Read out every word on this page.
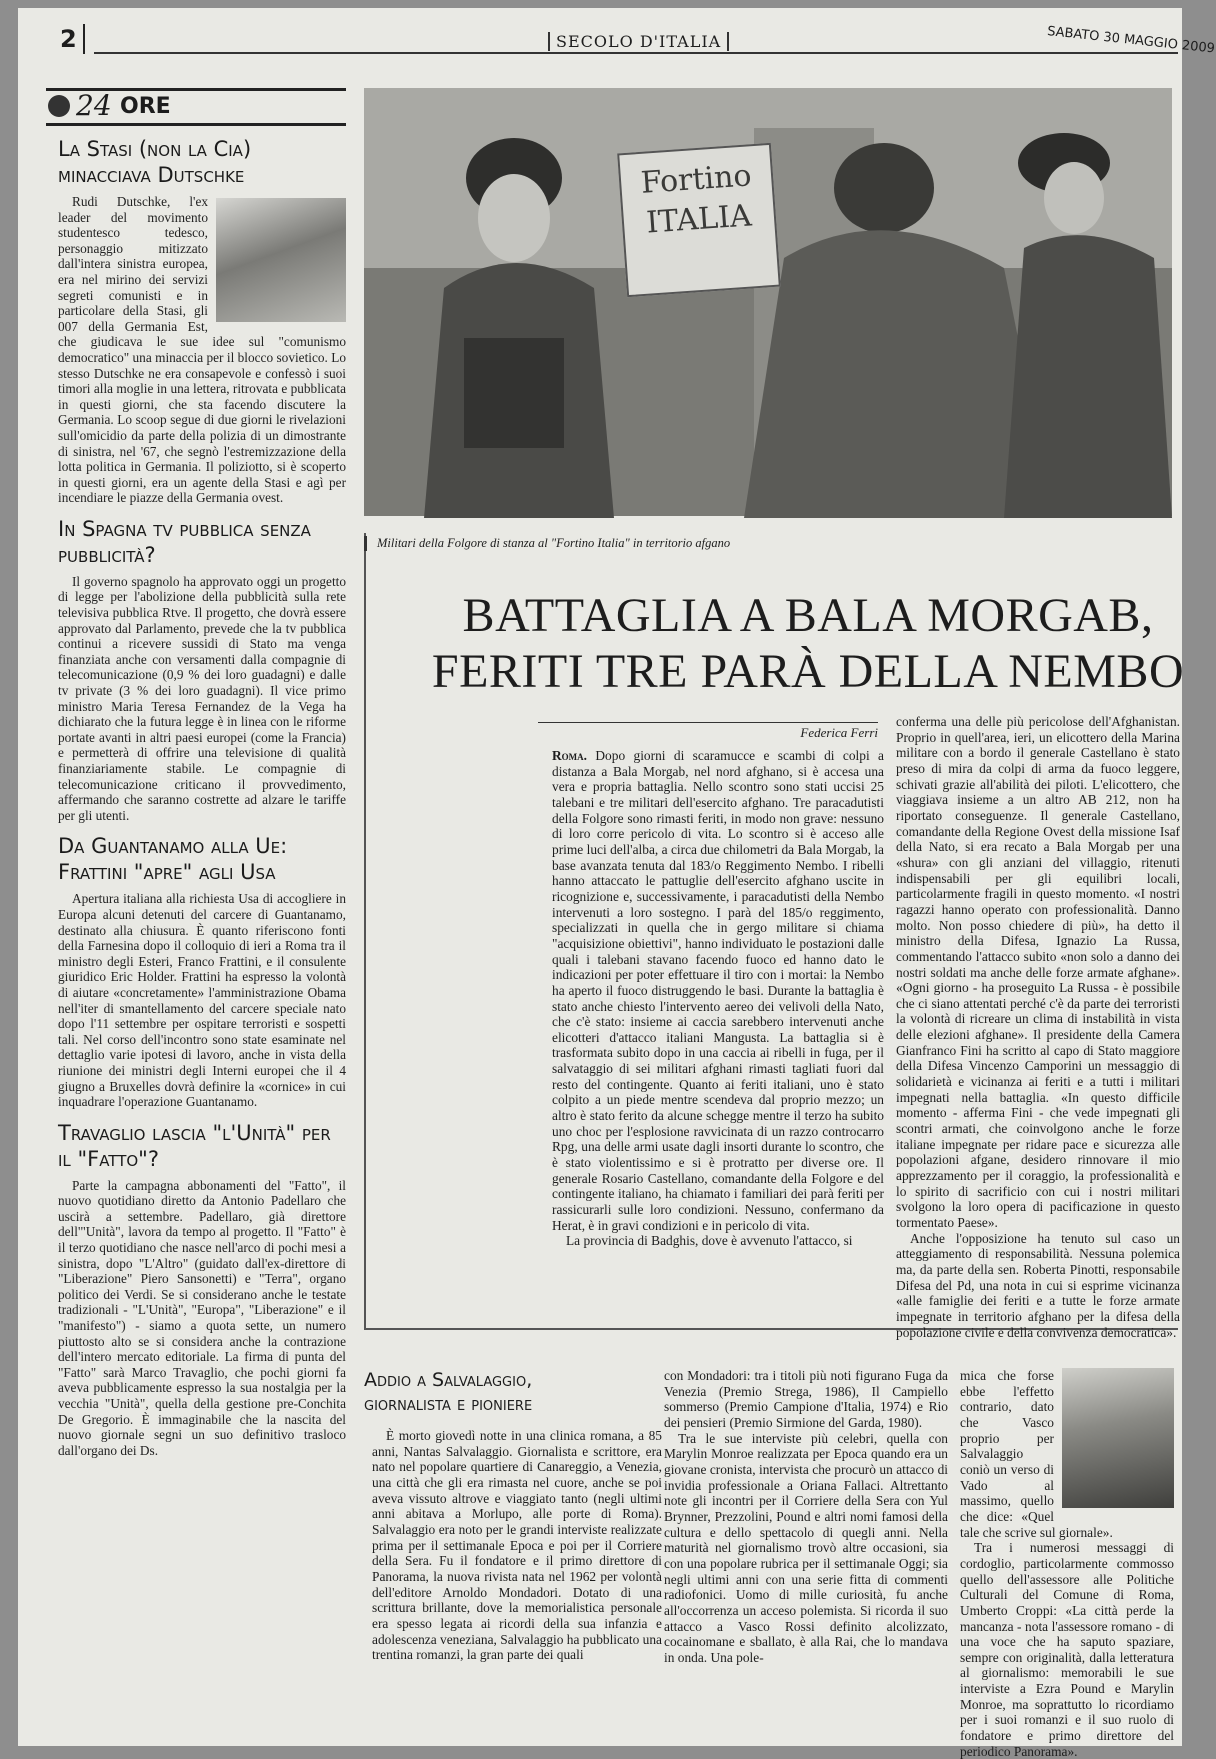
2	SECOLO D'ITALIA	SABATO 30 MAGGIO 2009
24 ORE
La Stasi (non la Cia) minacciava Dutschke
Rudi Dutschke, l'ex leader del movimento studentesco tedesco, personaggio mitizzato dall'intera sinistra europea, era nel mirino dei servizi segreti comunisti e in particolare della Stasi, gli 007 della Germania Est, che giudicava le sue idee sul "comunismo democratico" una minaccia per il blocco sovietico. Lo stesso Dutschke ne era consapevole e confessò i suoi timori alla moglie in una lettera, ritrovata e pubblicata in questi giorni, che sta facendo discutere la Germania. Lo scoop segue di due giorni le rivelazioni sull'omicidio da parte della polizia di un dimostrante di sinistra, nel '67, che segnò l'estremizzazione della lotta politica in Germania. Il poliziotto, si è scoperto in questi giorni, era un agente della Stasi e agì per incendiare le piazze della Germania ovest.
In Spagna tv pubblica senza pubblicità?
Il governo spagnolo ha approvato oggi un progetto di legge per l'abolizione della pubblicità sulla rete televisiva pubblica Rtve. Il progetto, che dovrà essere approvato dal Parlamento, prevede che la tv pubblica continui a ricevere sussidi di Stato ma venga finanziata anche con versamenti dalla compagnie di telecomunicazione (0,9 % dei loro guadagni) e dalle tv private (3 % dei loro guadagni). Il vice primo ministro Maria Teresa Fernandez de la Vega ha dichiarato che la futura legge è in linea con le riforme portate avanti in altri paesi europei (come la Francia) e permetterà di offrire una televisione di qualità finanziariamente stabile. Le compagnie di telecomunicazione criticano il provvedimento, affermando che saranno costrette ad alzare le tariffe per gli utenti.
Da Guantanamo alla Ue: Frattini "apre" agli Usa
Apertura italiana alla richiesta Usa di accogliere in Europa alcuni detenuti del carcere di Guantanamo, destinato alla chiusura. È quanto riferiscono fonti della Farnesina dopo il colloquio di ieri a Roma tra il ministro degli Esteri, Franco Frattini, e il consulente giuridico Eric Holder. Frattini ha espresso la volontà di aiutare «concretamente» l'amministrazione Obama nell'iter di smantellamento del carcere speciale nato dopo l'11 settembre per ospitare terroristi e sospetti tali. Nel corso dell'incontro sono state esaminate nel dettaglio varie ipotesi di lavoro, anche in vista della riunione dei ministri degli Interni europei che il 4 giugno a Bruxelles dovrà definire la «cornice» in cui inquadrare l'operazione Guantanamo.
Travaglio lascia "l'Unità" per il "Fatto"?
Parte la campagna abbonamenti del "Fatto", il nuovo quotidiano diretto da Antonio Padellaro che uscirà a settembre. Padellaro, già direttore dell'"Unità", lavora da tempo al progetto. Il "Fatto" è il terzo quotidiano che nasce nell'arco di pochi mesi a sinistra, dopo "L'Altro" (guidato dall'ex-direttore di "Liberazione" Piero Sansonetti) e "Terra", organo politico dei Verdi. Se si considerano anche le testate tradizionali - "L'Unità", "Europa", "Liberazione" e il "manifesto") - siamo a quota sette, un numero piuttosto alto se si considera anche la contrazione dell'intero mercato editoriale. La firma di punta del "Fatto" sarà Marco Travaglio, che pochi giorni fa aveva pubblicamente espresso la sua nostalgia per la vecchia "Unità", quella della gestione pre-Conchita De Gregorio. È immaginabile che la nascita del nuovo giornale segni un suo definitivo trasloco dall'organo dei Ds.
Fortino
ITALIA
Militari della Folgore di stanza al "Fortino Italia" in territorio afgano
BATTAGLIA A BALA MORGAB,
FERITI TRE PARÀ DELLA NEMBO
Federica Ferri
Roma. Dopo giorni di scaramucce e scambi di colpi a distanza a Bala Morgab, nel nord afghano, si è accesa una vera e propria battaglia. Nello scontro sono stati uccisi 25 talebani e tre militari dell'esercito afghano. Tre paracadutisti della Folgore sono rimasti feriti, in modo non grave: nessuno di loro corre pericolo di vita. Lo scontro si è acceso alle prime luci dell'alba, a circa due chilometri da Bala Morgab, la base avanzata tenuta dal 183/o Reggimento Nembo. I ribelli hanno attaccato le pattuglie dell'esercito afghano uscite in ricognizione e, successivamente, i paracadutisti della Nembo intervenuti a loro sostegno. I parà del 185/o reggimento, specializzati in quella che in gergo militare si chiama "acquisizione obiettivi", hanno individuato le postazioni dalle quali i talebani stavano facendo fuoco ed hanno dato le indicazioni per poter effettuare il tiro con i mortai: la Nembo ha aperto il fuoco distruggendo le basi. Durante la battaglia è stato anche chiesto l'intervento aereo dei velivoli della Nato, che c'è stato: insieme ai caccia sarebbero intervenuti anche elicotteri d'attacco italiani Mangusta. La battaglia si è trasformata subito dopo in una caccia ai ribelli in fuga, per il salvataggio di sei militari afghani rimasti tagliati fuori dal resto del contingente. Quanto ai feriti italiani, uno è stato colpito a un piede mentre scendeva dal proprio mezzo; un altro è stato ferito da alcune schegge mentre il terzo ha subito uno choc per l'esplosione ravvicinata di un razzo controcarro Rpg, una delle armi usate dagli insorti durante lo scontro, che è stato violentissimo e si è protratto per diverse ore. Il generale Rosario Castellano, comandante della Folgore e del contingente italiano, ha chiamato i familiari dei parà feriti per rassicurarli sulle loro condizioni. Nessuno, confermano da Herat, è in gravi condizioni e in pericolo di vita.
La provincia di Badghis, dove è avvenuto l'attacco, si
conferma una delle più pericolose dell'Afghanistan. Proprio in quell'area, ieri, un elicottero della Marina militare con a bordo il generale Castellano è stato preso di mira da colpi di arma da fuoco leggere, schivati grazie all'abilità dei piloti. L'elicottero, che viaggiava insieme a un altro AB 212, non ha riportato conseguenze. Il generale Castellano, comandante della Regione Ovest della missione Isaf della Nato, si era recato a Bala Morgab per una «shura» con gli anziani del villaggio, ritenuti indispensabili per gli equilibri locali, particolarmente fragili in questo momento. «I nostri ragazzi hanno operato con professionalità. Danno molto. Non posso chiedere di più», ha detto il ministro della Difesa, Ignazio La Russa, commentando l'attacco subito «non solo a danno dei nostri soldati ma anche delle forze armate afghane». «Ogni giorno - ha proseguito La Russa - è possibile che ci siano attentati perché c'è da parte dei terroristi la volontà di ricreare un clima di instabilità in vista delle elezioni afghane». Il presidente della Camera Gianfranco Fini ha scritto al capo di Stato maggiore della Difesa Vincenzo Camporini un messaggio di solidarietà e vicinanza ai feriti e a tutti i militari impegnati nella battaglia. «In questo difficile momento - afferma Fini - che vede impegnati gli scontri armati, che coinvolgono anche le forze italiane impegnate per ridare pace e sicurezza alle popolazioni afgane, desidero rinnovare il mio apprezzamento per il coraggio, la professionalità e lo spirito di sacrificio con cui i nostri militari svolgono la loro opera di pacificazione in questo tormentato Paese».
Anche l'opposizione ha tenuto sul caso un atteggiamento di responsabilità. Nessuna polemica ma, da parte della sen. Roberta Pinotti, responsabile Difesa del Pd, una nota in cui si esprime vicinanza «alle famiglie dei feriti e a tutte le forze armate impegnate in territorio afghano per la difesa della popolazione civile e della convivenza democratica».
Addio a Salvalaggio,
giornalista e pioniere
È morto giovedì notte in una clinica romana, a 85 anni, Nantas Salvalaggio. Giornalista e scrittore, era nato nel popolare quartiere di Canareggio, a Venezia, una città che gli era rimasta nel cuore, anche se poi aveva vissuto altrove e viaggiato tanto (negli ultimi anni abitava a Morlupo, alle porte di Roma). Salvalaggio era noto per le grandi interviste realizzate prima per il settimanale Epoca e poi per il Corriere della Sera. Fu il fondatore e il primo direttore di Panorama, la nuova rivista nata nel 1962 per volontà dell'editore Arnoldo Mondadori. Dotato di una scrittura brillante, dove la memorialistica personale era spesso legata ai ricordi della sua infanzia e adolescenza veneziana, Salvalaggio ha pubblicato una trentina romanzi, la gran parte dei quali
con Mondadori: tra i titoli più noti figurano Fuga da Venezia (Premio Strega, 1986), Il Campiello sommerso (Premio Campione d'Italia, 1974) e Rio dei pensieri (Premio Sirmione del Garda, 1980).
Tra le sue interviste più celebri, quella con Marylin Monroe realizzata per Epoca quando era un giovane cronista, intervista che procurò un attacco di invidia professionale a Oriana Fallaci. Altrettanto note gli incontri per il Corriere della Sera con Yul Brynner, Prezzolini, Pound e altri nomi famosi della cultura e dello spettacolo di quegli anni. Nella maturità nel giornalismo trovò altre occasioni, sia con una popolare rubrica per il settimanale Oggi; sia negli ultimi anni con una serie fitta di commenti radiofonici. Uomo di mille curiosità, fu anche all'occorrenza un acceso polemista. Si ricorda il suo attacco a Vasco Rossi definito alcolizzato, cocainomane e sballato, è alla Rai, che lo mandava in onda. Una pole-
mica che forse ebbe l'effetto contrario, dato che Vasco proprio per Salvalaggio coniò un verso di Vado al massimo, quello che dice: «Quel tale che scrive sul giornale».
Tra i numerosi messaggi di cordoglio, particolarmente commosso quello dell'assessore alle Politiche Culturali del Comune di Roma, Umberto Croppi: «La città perde la mancanza - nota l'assessore romano - di una voce che ha saputo spaziare, sempre con originalità, dalla letteratura al giornalismo: memorabili le sue interviste a Ezra Pound e Marylin Monroe, ma soprattutto lo ricordiamo per i suoi romanzi e il suo ruolo di fondatore e primo direttore del periodico Panorama».
